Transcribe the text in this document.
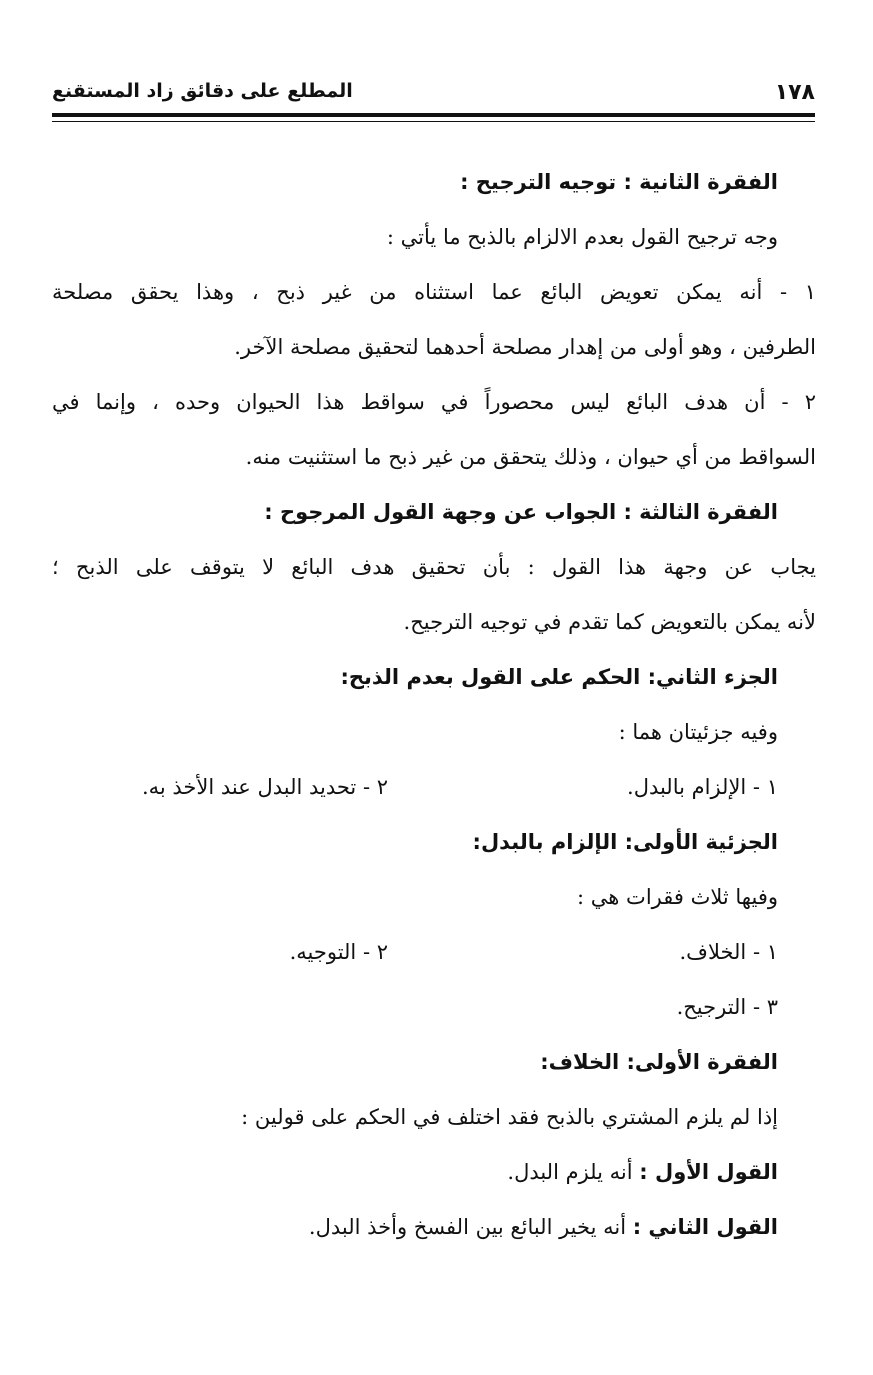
١٧٨
المطلع على دقائق زاد المستقنع
الفقرة الثانية : توجيه الترجيح :
وجه ترجيح القول بعدم الالزام بالذبح ما يأتي :
١ - أنه يمكن تعويض البائع عما استثناه من غير ذبح ، وهذا يحقق مصلحة
الطرفين ، وهو أولى من إهدار مصلحة أحدهما لتحقيق مصلحة الآخر.
٢ - أن هدف البائع ليس محصوراً في سواقط هذا الحيوان وحده ، وإنما في
السواقط من أي حيوان ، وذلك يتحقق من غير ذبح ما استثنيت منه.
الفقرة الثالثة : الجواب عن وجهة القول المرجوح :
يجاب عن وجهة هذا القول : بأن تحقيق هدف البائع لا يتوقف على الذبح ؛
لأنه يمكن بالتعويض كما تقدم في توجيه الترجيح.
الجزء الثاني: الحكم على القول بعدم الذبح:
وفيه جزئيتان هما :
١ - الإلزام بالبدل.
٢ - تحديد البدل عند الأخذ به.
الجزئية الأولى: الإلزام بالبدل:
وفيها ثلاث فقرات هي :
١ - الخلاف.
٢ - التوجيه.
٣ - الترجيح.
الفقرة الأولى: الخلاف:
إذا لم يلزم المشتري بالذبح فقد اختلف في الحكم على قولين :
القول الأول : أنه يلزم البدل.
القول الثاني : أنه يخير البائع بين الفسخ وأخذ البدل.
